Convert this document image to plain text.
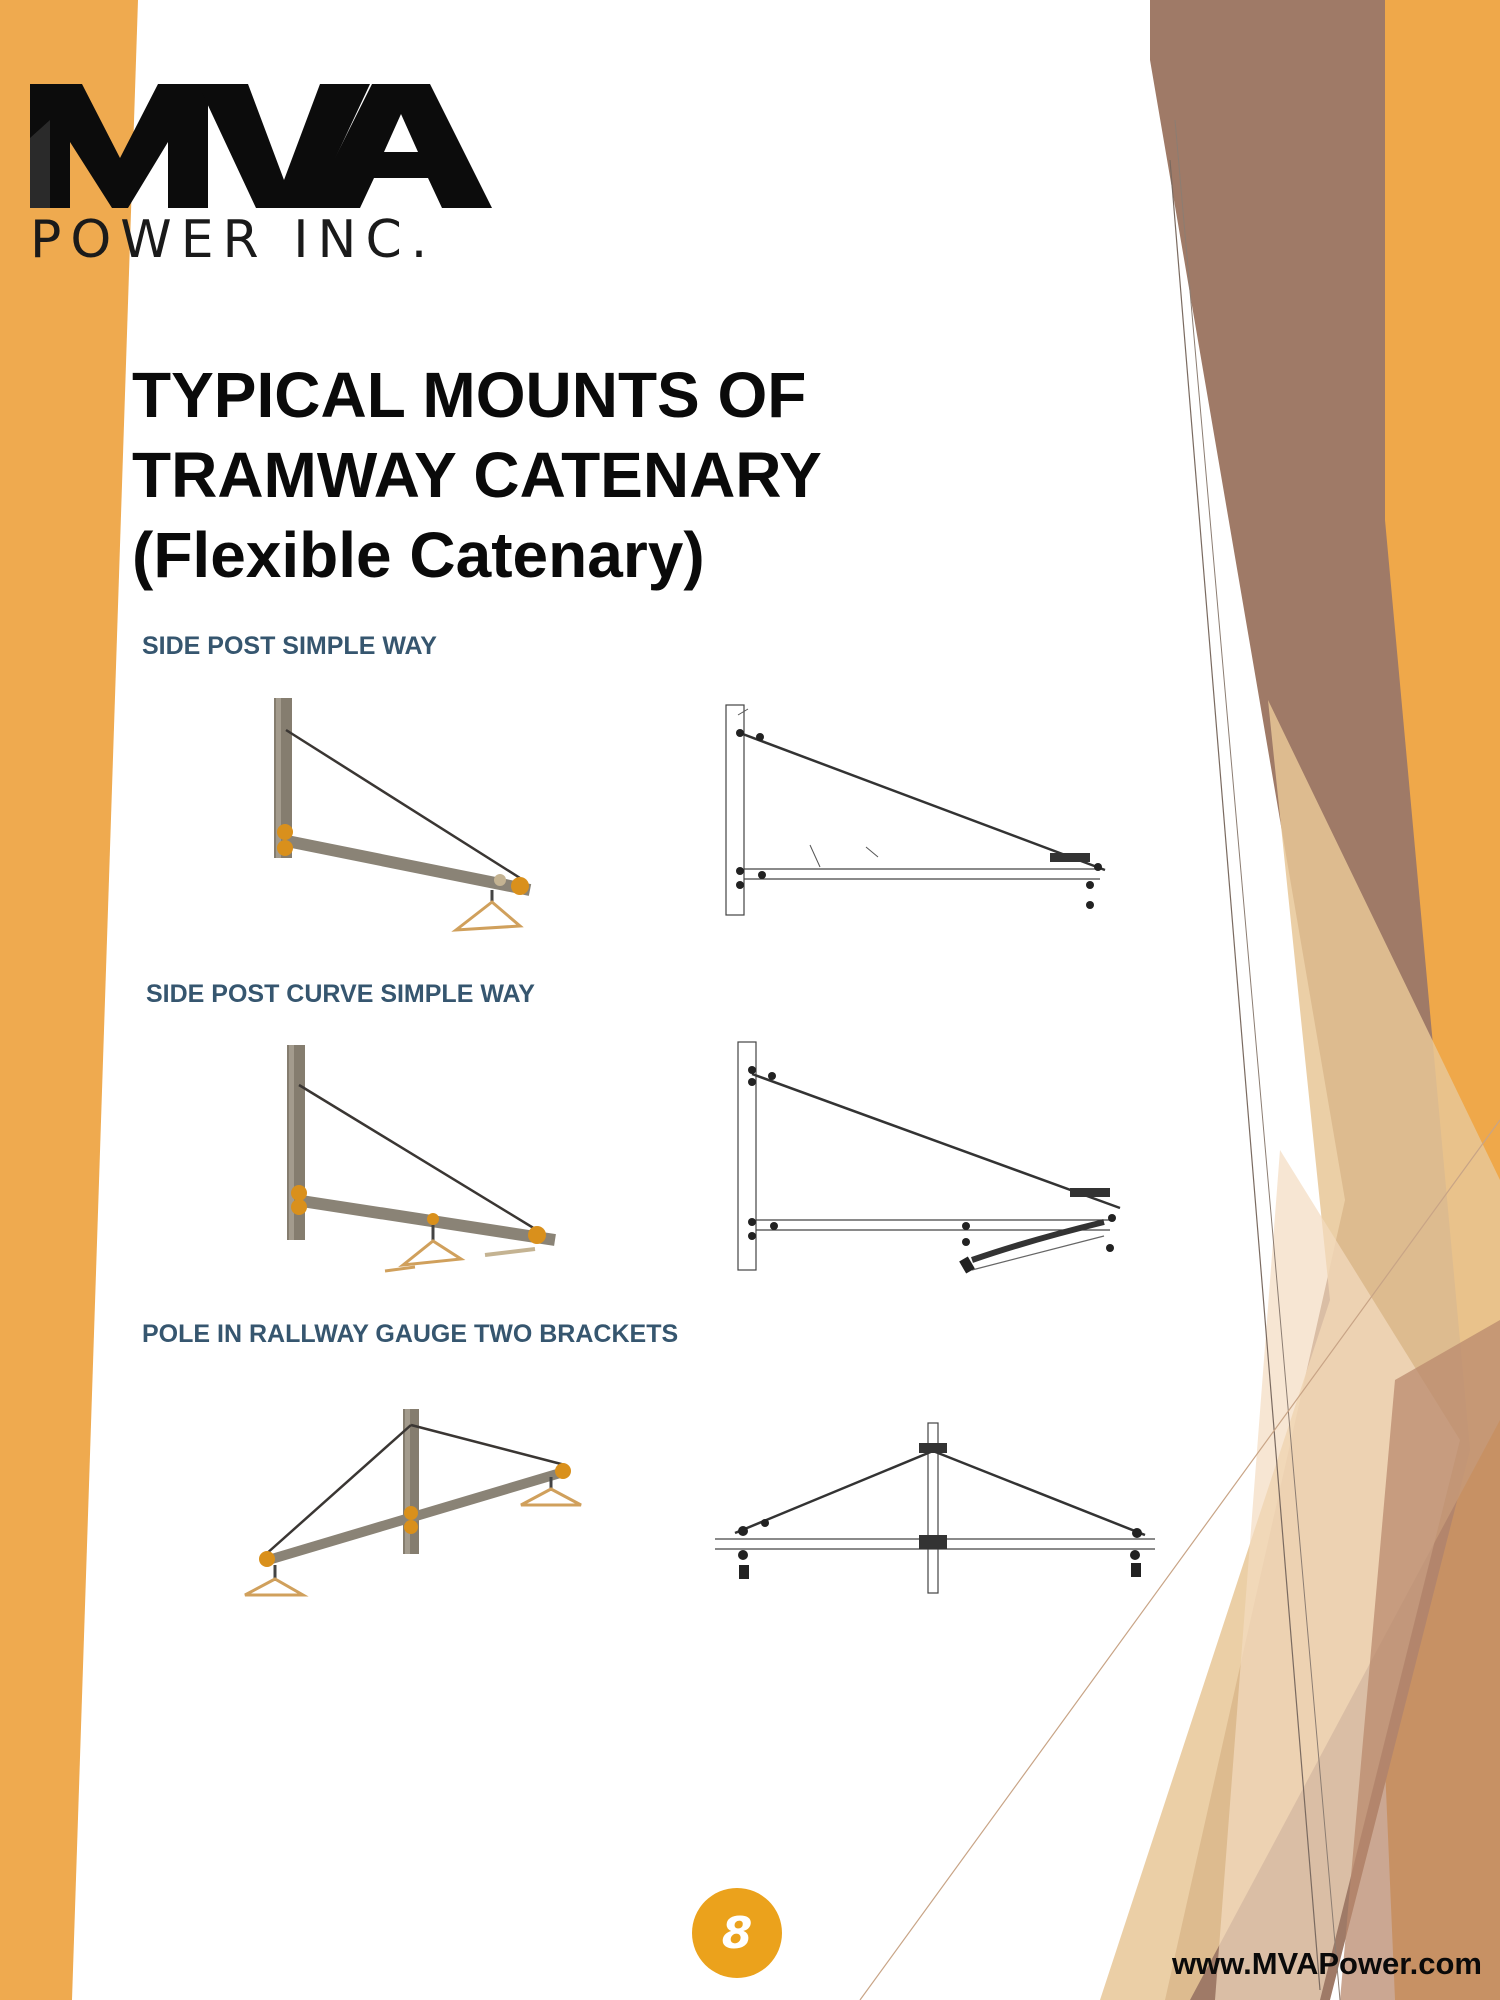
POWER INC.
TYPICAL MOUNTS OF
TRAMWAY CATENARY
(Flexible Catenary)
SIDE POST SIMPLE WAY
SIDE POST CURVE SIMPLE WAY
POLE IN RALLWAY GAUGE TWO BRACKETS
8
www.MVAPower.com
